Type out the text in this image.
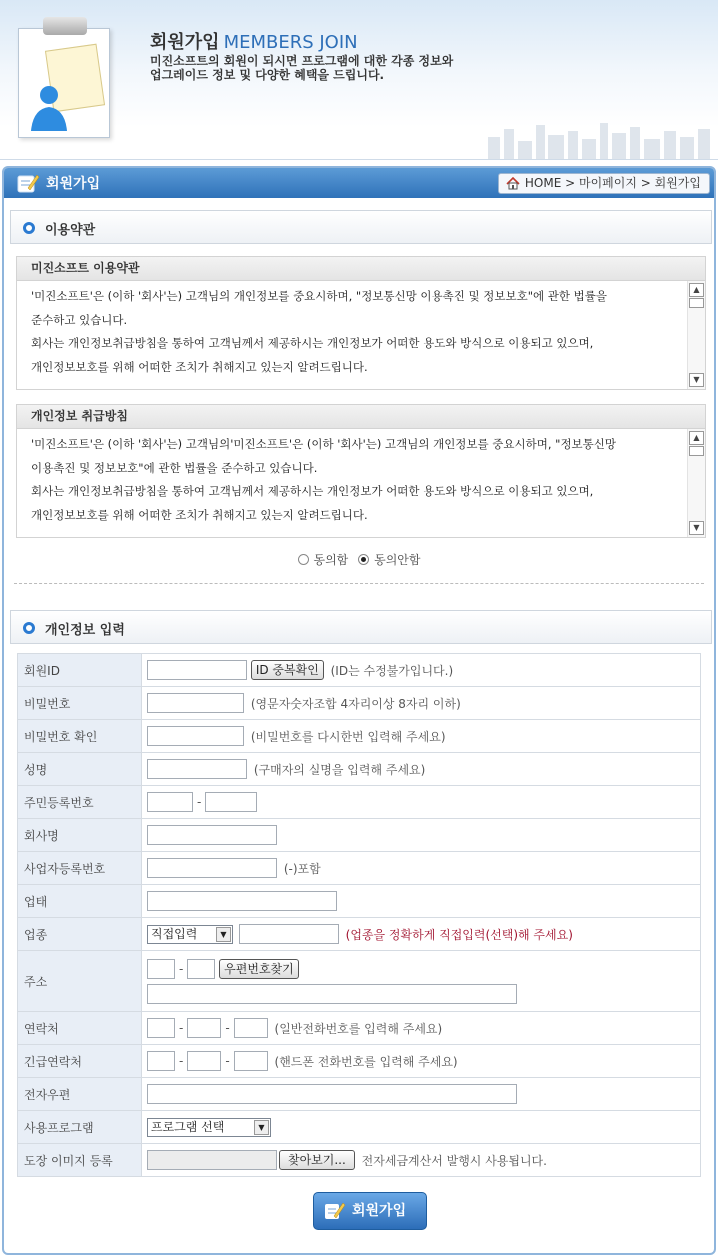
회원가입 MEMBERS JOIN
미진소프트의 회원이 되시면 프로그램에 대한 각종 정보와
업그레이드 정보 및 다양한 혜택을 드립니다.
회원가입	HOME > 마이페이지 > 회원가입
이용약관
미진소프트 이용약관

'미진소프트'은 (이하 '회사'는) 고객님의 개인정보를 중요시하며, "정보통신망 이용촉진 및 정보보호"에 관한 법률을

준수하고 있습니다.

회사는 개인정보취급방침을 통하여 고객님께서 제공하시는 개인정보가 어떠한 용도와 방식으로 이용되고 있으며,

개인정보보호를 위해 어떠한 조치가 취해지고 있는지 알려드립니다.

▲
▼
개인정보 취급방침

'미진소프트'은 (이하 '회사'는) 고객님의'미진소프트'은 (이하 '회사'는) 고객님의 개인정보를 중요시하며, "정보통신망

이용촉진 및 정보보호"에 관한 법률을 준수하고 있습니다.

회사는 개인정보취급방침을 통하여 고객님께서 제공하시는 개인정보가 어떠한 용도와 방식으로 이용되고 있으며,

개인정보보호를 위해 어떠한 조치가 취해지고 있는지 알려드립니다.

▲
▼
동의함
동의안함
개인정보 입력
회원ID	ID 중복확인 (ID는 수정불가입니다.)
비밀번호	(영문자숫자조합 4자리이상 8자리 이하)
비밀번호 확인	(비밀번호를 다시한번 입력해 주세요)
성명	(구매자의 실명을 입력해 주세요)
주민등록번호	-
회사명	
사업자등록번호	(-)포함
업태	
업종	직접입력 ▼ (업종을 정확하게 직접입력(선택)해 주세요)
주소	- 우편번호찾기

연락처	- - (일반전화번호를 입력해 주세요)
긴급연락처	- - (핸드폰 전화번호를 입력해 주세요)
전자우편	
사용프로그램	프로그램 선택 ▼

도장 이미지 등록	찾아보기... 전자세금계산서 발행시 사용됩니다.
회원가입
